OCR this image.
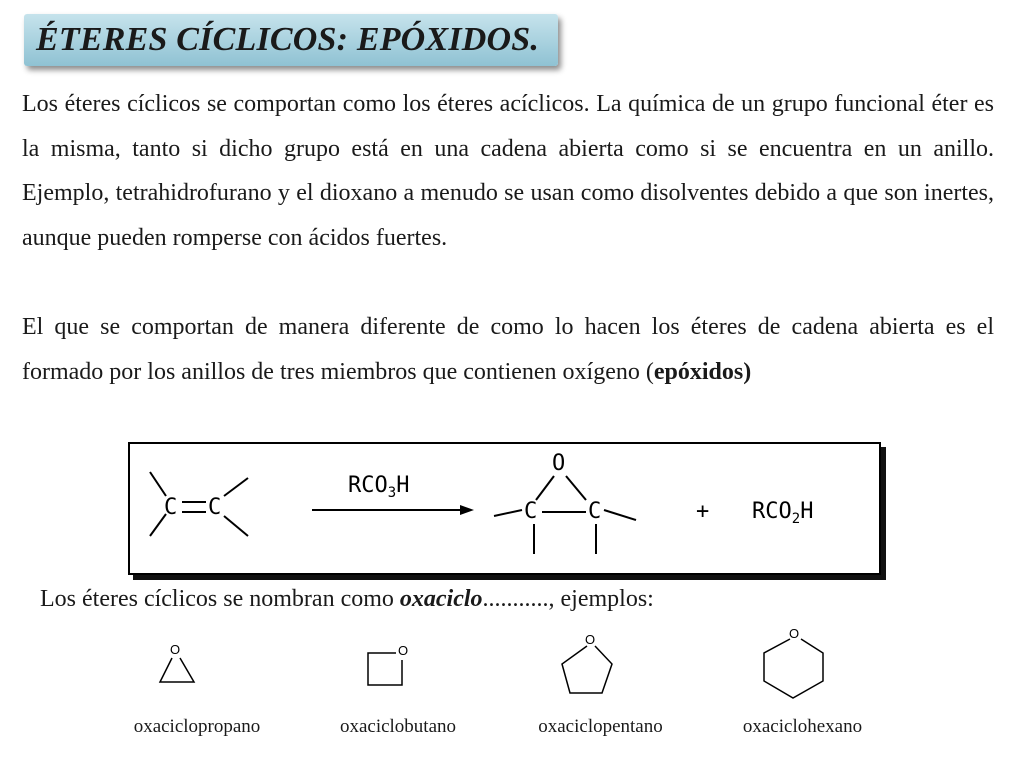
ÉTERES CÍCLICOS: EPÓXIDOS.

Los éteres cíclicos se comportan como los éteres acíclicos. La química de un grupo funcional éter es la misma, tanto si dicho grupo está en una cadena abierta como si se encuentra en un anillo. Ejemplo, tetrahidrofurano y el dioxano a menudo se usan como disolventes debido a que son inertes, aunque pueden romperse con ácidos fuertes.

El que se comportan de manera diferente de como lo hacen los éteres de cadena abierta es el formado por los anillos de tres miembros que contienen oxígeno (epóxidos)

C C
$RCO_3H$
O
C C	+ $RCO_2H$

Los éteres cíclicos se nombran como oxaciclo..........., ejemplos:

O	O
O	O
oxaciclopropano	oxaciclobutano	oxaciclopentano	oxaciclohexano
